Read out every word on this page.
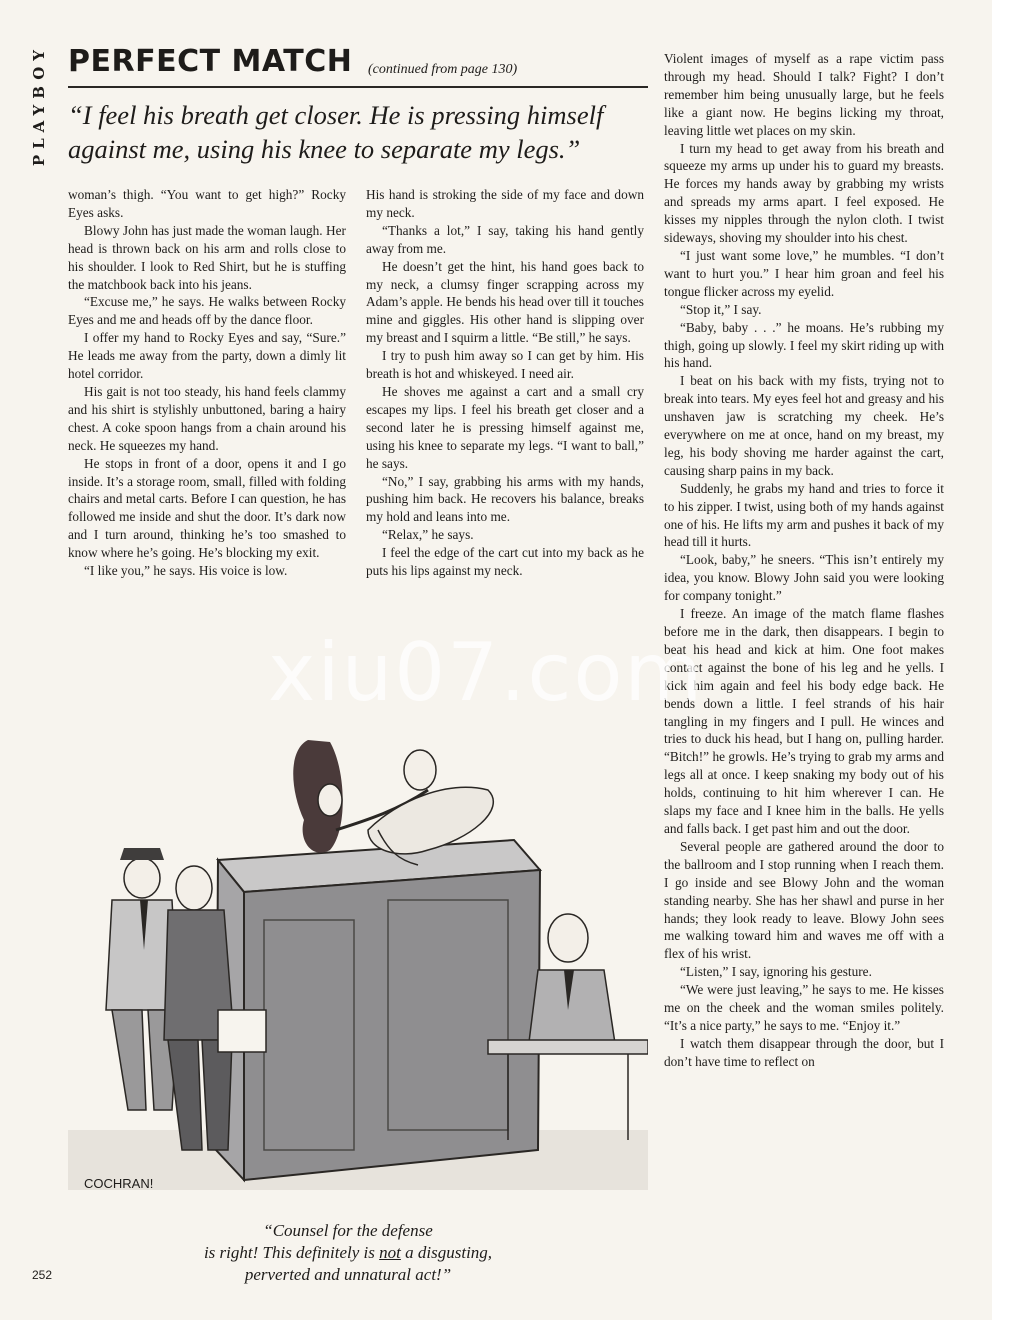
PLAYBOY PERFECT MATCH (continued from page 130)
“I feel his breath get closer. He is pressing himself against me, using his knee to separate my legs.”

woman’s thigh. “You want to get high?” Rocky Eyes asks.

Blowy John has just made the woman laugh. Her head is thrown back on his arm and rolls close to his shoulder. I look to Red Shirt, but he is stuffing the matchbook back into his jeans.

“Excuse me,” he says. He walks between Rocky Eyes and me and heads off by the dance floor.

I offer my hand to Rocky Eyes and say, “Sure.” He leads me away from the party, down a dimly lit hotel corridor.

His gait is not too steady, his hand feels clammy and his shirt is stylishly unbuttoned, baring a hairy chest. A coke spoon hangs from a chain around his neck. He squeezes my hand.

He stops in front of a door, opens it and I go inside. It’s a storage room, small, filled with folding chairs and metal carts. Before I can question, he has followed me inside and shut the door. It’s dark now and I turn around, thinking he’s too smashed to know where he’s going. He’s blocking my exit.

“I like you,” he says. His voice is low.

His hand is stroking the side of my face and down my neck.

“Thanks a lot,” I say, taking his hand gently away from me.

He doesn’t get the hint, his hand goes back to my neck, a clumsy finger scrapping across my Adam’s apple. He bends his head over till it touches mine and giggles. His other hand is slipping over my breast and I squirm a little. “Be still,” he says.

I try to push him away so I can get by him. His breath is hot and whiskeyed. I need air.

He shoves me against a cart and a small cry escapes my lips. I feel his breath get closer and a second later he is pressing himself against me, using his knee to separate my legs. “I want to ball,” he says.

“No,” I say, grabbing his arms with my hands, pushing him back. He recovers his balance, breaks my hold and leans into me.

“Relax,” he says.

I feel the edge of the cart cut into my back as he puts his lips against my neck.

Violent images of myself as a rape victim pass through my head. Should I talk? Fight? I don’t remember him being unusually large, but he feels like a giant now. He begins licking my throat, leaving little wet places on my skin.

I turn my head to get away from his breath and squeeze my arms up under his to guard my breasts. He forces my hands away by grabbing my wrists and spreads my arms apart. I feel exposed. He kisses my nipples through the nylon cloth. I twist sideways, shoving my shoulder into his chest.

“I just want some love,” he mumbles. “I don’t want to hurt you.” I hear him groan and feel his tongue flicker across my eyelid.

“Stop it,” I say.

“Baby, baby . . .” he moans. He’s rubbing my thigh, going up slowly. I feel my skirt riding up with his hand.

I beat on his back with my fists, trying not to break into tears. My eyes feel hot and greasy and his unshaven jaw is scratching my cheek. He’s everywhere on me at once, hand on my breast, my leg, his body shoving me harder against the cart, causing sharp pains in my back.

Suddenly, he grabs my hand and tries to force it to his zipper. I twist, using both of my hands against one of his. He lifts my arm and pushes it back of my head till it hurts.

“Look, baby,” he sneers. “This isn’t entirely my idea, you know. Blowy John said you were looking for company tonight.”

I freeze. An image of the match flame flashes before me in the dark, then disappears. I begin to beat his head and kick at him. One foot makes contact against the bone of his leg and he yells. I kick him again and feel his body edge back. He bends down a little. I feel strands of his hair tangling in my fingers and I pull. He winces and tries to duck his head, but I hang on, pulling harder. “Bitch!” he growls. He’s trying to grab my arms and legs all at once. I keep snaking my body out of his holds, continuing to hit him wherever I can. He slaps my face and I knee him in the balls. He yells and falls back. I get past him and out the door.

Several people are gathered around the door to the ballroom and I stop running when I reach them. I go inside and see Blowy John and the woman standing nearby. She has her shawl and purse in her hands; they look ready to leave. Blowy John sees me walking toward him and waves me off with a flex of his wrist.

“Listen,” I say, ignoring his gesture.

“We were just leaving,” he says to me. He kisses me on the cheek and the woman smiles politely. “It’s a nice party,” he says to me. “Enjoy it.”

I watch them disappear through the door, but I don’t have time to reflect on

COCHRAN!
“Counsel for the defense
is right! This definitely is not a disgusting,
perverted and unnatural act!”
252
xiu07.com
